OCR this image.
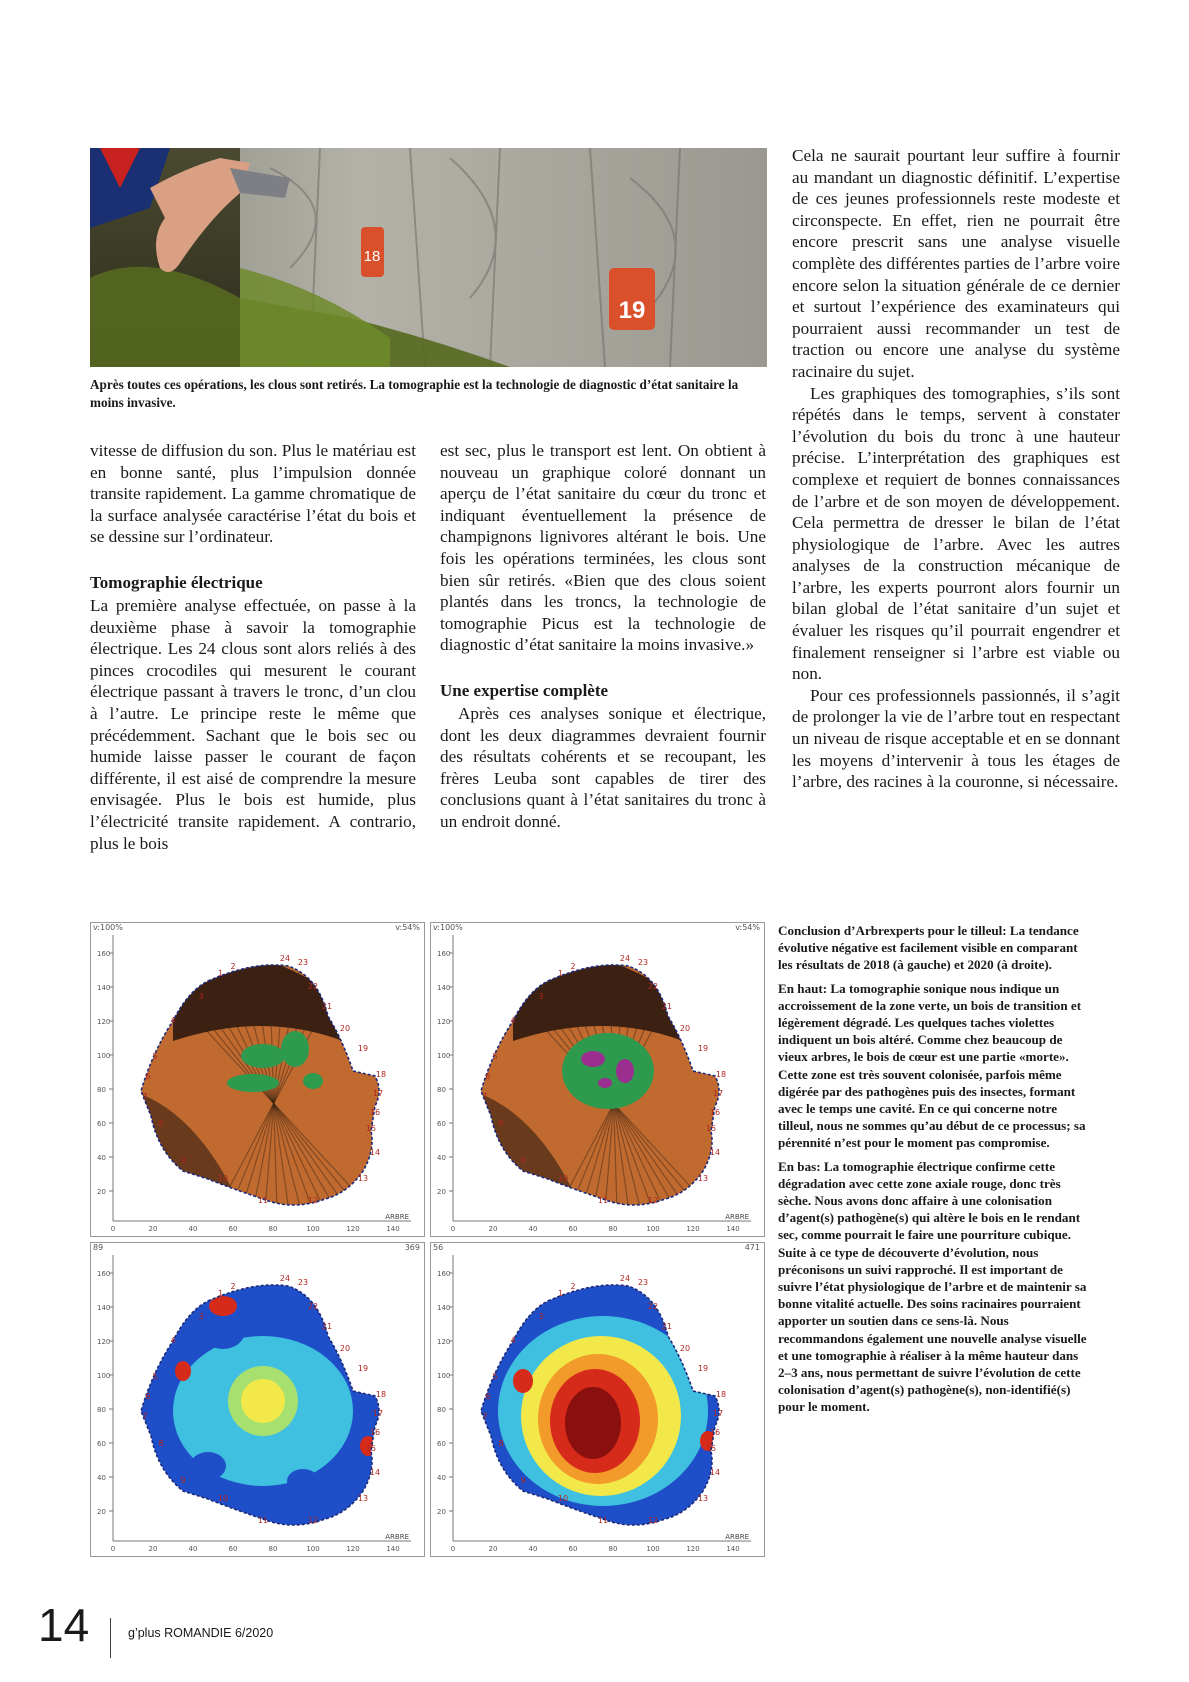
18
19
Après toutes ces opérations, les clous sont retirés. La tomographie est la technologie de diagnostic d’état sanitaire la moins invasive.

vitesse de diffusion du son. Plus le matériau est en bonne santé, plus l’impulsion donnée transite rapidement. La gamme chromatique de la surface analysée caractérise l’état du bois et se dessine sur l’ordinateur.

Tomographie électrique

La première analyse effectuée, on passe à la deuxième phase à savoir la tomographie électrique. Les 24 clous sont alors reliés à des pinces crocodiles qui mesurent le courant électrique passant à travers le tronc, d’un clou à l’autre. Le principe reste le même que précédemment. Sachant que le bois sec ou humide laisse passer le courant de façon différente, il est aisé de comprendre la mesure envisagée. Plus le bois est humide, plus l’électricité transite rapidement. A contrario, plus le bois

est sec, plus le transport est lent. On obtient à nouveau un graphique coloré donnant un aperçu de l’état sanitaire du cœur du tronc et indiquant éventuellement la présence de champignons lignivores altérant le bois. Une fois les opérations terminées, les clous sont bien sûr retirés. «Bien que des clous soient plantés dans les troncs, la technologie de tomographie Picus est la technologie de diagnostic d’état sanitaire la moins invasive.»

Une expertise complète

Après ces analyses sonique et électrique, dont les deux diagrammes devraient fournir des résultats cohérents et se recoupant, les frères Leuba sont capables de tirer des conclusions quant à l’état sanitaires du tronc à un endroit donné.

Cela ne saurait pourtant leur suffire à fournir au mandant un diagnostic définitif. L’expertise de ces jeunes professionnels reste modeste et circonspecte. En effet, rien ne pourrait être encore prescrit sans une analyse visuelle complète des différentes parties de l’arbre voire encore selon la situation générale de ce dernier et surtout l’expérience des examinateurs qui pourraient aussi recommander un test de traction ou encore une analyse du système racinaire du sujet.

Les graphiques des tomographies, s’ils sont répétés dans le temps, servent à constater l’évolution du bois du tronc à une hauteur précise. L’interprétation des graphiques est complexe et requiert de bonnes connaissances de l’arbre et de son moyen de développement. Cela permettra de dresser le bilan de l’état physiologique de l’arbre. Avec les autres analyses de la construction mécanique de l’arbre, les experts pourront alors fournir un bilan global de l’état sanitaire d’un sujet et évaluer les risques qu’il pourrait engendrer et finalement renseigner si l’arbre est viable ou non.

Pour ces professionnels passionnés, il s’agit de prolonger la vie de l’arbre tout en respectant un niveau de risque acceptable et en se donnant les moyens d’intervenir à tous les étages de l’arbre, des racines à la couronne, si nécessaire.

160
140
120
100
80
60
40
20
0	20	40	60	80	100	120	140
2
3
4
5
6
7
8
9
10
11	12
13
14
15
16
17
18
19
20
21
22
23
24
1
ARBRE
v:100%	v:54%
160
140
120
100
80
60
40
20
0	20	40	60	80	100	120	140
2
3
4
5
6
7
8
9
10
11	12
13
14
15
16
17
18
19
20
21
22
23
24
1
ARBRE
v:100%	v:54%
160
140
120
100
80
60
40
20
0	20	40	60	80	100	120	140
2
3
4
5
6
7
8
9
10
11	12
13
14
15
16
17
18
19
20
21
22
23
24
1
ARBRE
89	369
160
140
120
100
80
60
40
20
0	20	40	60	80	100	120	140
2
3
4
5
6
7
8
9
10
11	12
13
14
15
16
17
18
19
20
21
22
23
24
1
ARBRE
56	471

Conclusion d’Arbrexperts pour le tilleul: La tendance évolutive négative est facilement visible en comparant les résultats de 2018 (à gauche) et 2020 (à droite).

En haut: La tomographie sonique nous indique un accroissement de la zone verte, un bois de transition et légèrement dégradé. Les quelques taches violettes indiquent un bois altéré. Comme chez beaucoup de vieux arbres, le bois de cœur est une partie «morte». Cette zone est très souvent colonisée, parfois même digérée par des pathogènes puis des insectes, formant avec le temps une cavité. En ce qui concerne notre tilleul, nous ne sommes qu’au début de ce processus; sa pérennité n’est pour le moment pas compromise.

En bas: La tomographie électrique confirme cette dégradation avec cette zone axiale rouge, donc très sèche. Nous avons donc affaire à une colonisation d’agent(s) pathogène(s) qui altère le bois en le rendant sec, comme pourrait le faire une pourriture cubique. Suite à ce type de découverte d’évolution, nous préconisons un suivi rapproché. Il est important de suivre l’état physiologique de l’arbre et de maintenir sa bonne vitalité actuelle. Des soins racinaires pourraient apporter un soutien dans ce sens-là. Nous recommandons également une nouvelle analyse visuelle et une tomographie à réaliser à la même hauteur dans 2–3 ans, nous permettant de suivre l’évolution de cette colonisation d’agent(s) pathogène(s), non-identifié(s) pour le moment.

14	g’plus ROMANDIE 6/2020
